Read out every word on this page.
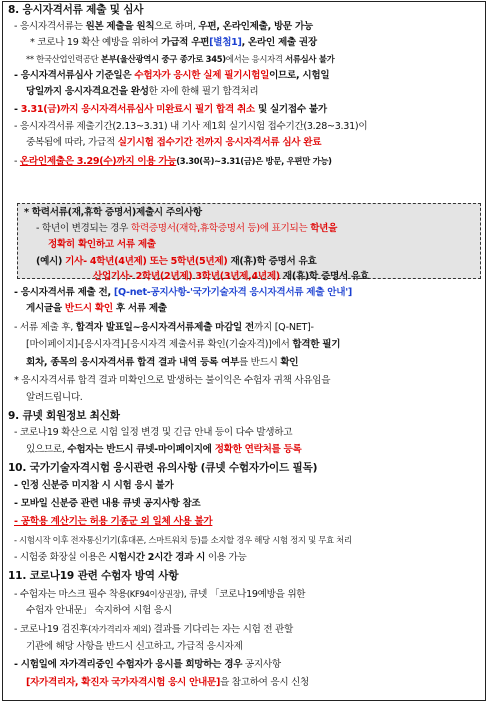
8. 응시자격서류 제출 및 심사
- 응시자격서류는 원본 제출을 원칙으로 하며, 우편, 온라인제출, 방문 가능
* 코로나 19 확산 예방을 위하여 가급적 우편[별첨1], 온라인 제출 권장
** 한국산업인력공단 본부(울산광역시 중구 종가로 345)에서는 응시자격 서류심사 불가
- 응시자격서류심사 기준일은 수험자가 응시한 실제 필기시험일이므로, 시험일
당일까지 응시자격요건을 완성한 자에 한해 필기 합격처리
- 3.31(금)까지 응시자격서류심사 미완료시 필기 합격 취소 및 실기접수 불가
- 응시자격서류 제출기간(2.13~3.31) 내 기사 제1회 실기시험 접수기간(3.28~3.31)이
중복됨에 따라, 가급적 실기시험 접수기간 전까지 응시자격서류 심사 완료
- 온라인제출은 3.29(수)까지 이용 가능(3.30(목)~3.31(금)은 방문, 우편만 가능)
* 학력서류(재,휴학 증명서)제출시 주의사항
- 학년이 변경되는 경우 학력증명서(재학,휴학증명서 등)에 표기되는 학년을
정확히 확인하고 서류 제출
(예시) 기사- 4학년(4년제) 또는 5학년(5년제) 재(휴)학 증명서 유효
산업기사- 2학년(2년제) 3학년(3년제,4년제) 재(휴)학 증명서 유효
- 응시자격서류 제출 전, [Q-net-공지사항-'국가기술자격 응시자격서류 제출 안내']
게시글을 반드시 확인 후 서류 제출
- 서류 제출 후, 합격자 발표일~응시자격서류제출 마감일 전까지 [Q-NET]-
[마이페이지]-[응시자격]-[응시자격 제출서류 확인(기술자격)]에서 합격한 필기
회차, 종목의 응시자격서류 합격 결과 내역 등록 여부를 반드시 확인
* 응시자격서류 합격 결과 미확인으로 발생하는 불이익은 수험자 귀책 사유임을
알려드립니다.
9. 큐넷 회원정보 최신화
- 코로나19 확산으로 시험 일정 변경 및 긴급 안내 등이 다수 발생하고
있으므로, 수험자는 반드시 큐넷-마이페이지에 정확한 연락처를 등록
10. 국가기술자격시험 응시관련 유의사항 (큐넷 수험자가이드 필독)
- 인정 신분증 미지참 시 시험 응시 불가
- 모바일 신분증 관련 내용 큐넷 공지사항 참조
- 공학용 계산기는 허용 기종군 외 일체 사용 불가
- 시험시작 이후 전자통신기기(휴대폰, 스마트워치 등)를 소지할 경우 해당 시험 정지 및 무효 처리
- 시험중 화장실 이용은 시험시간 2시간 경과 시 이용 가능
11. 코로나19 관련 수험자 방역 사항
- 수험자는 마스크 필수 착용(KF94이상권장), 큐넷 「코로나19예방을 위한
수험자 안내문」 숙지하여 시험 응시
- 코로나19 검진후(자가격리자 제외) 결과를 기다리는 자는 시험 전 관할
기관에 해당 사항을 반드시 신고하고, 가급적 응시자제
- 시험일에 자가격리중인 수험자가 응시를 희망하는 경우 공지사항
[자가격리자, 확진자 국가자격시험 응시 안내문]을 참고하여 응시 신청
